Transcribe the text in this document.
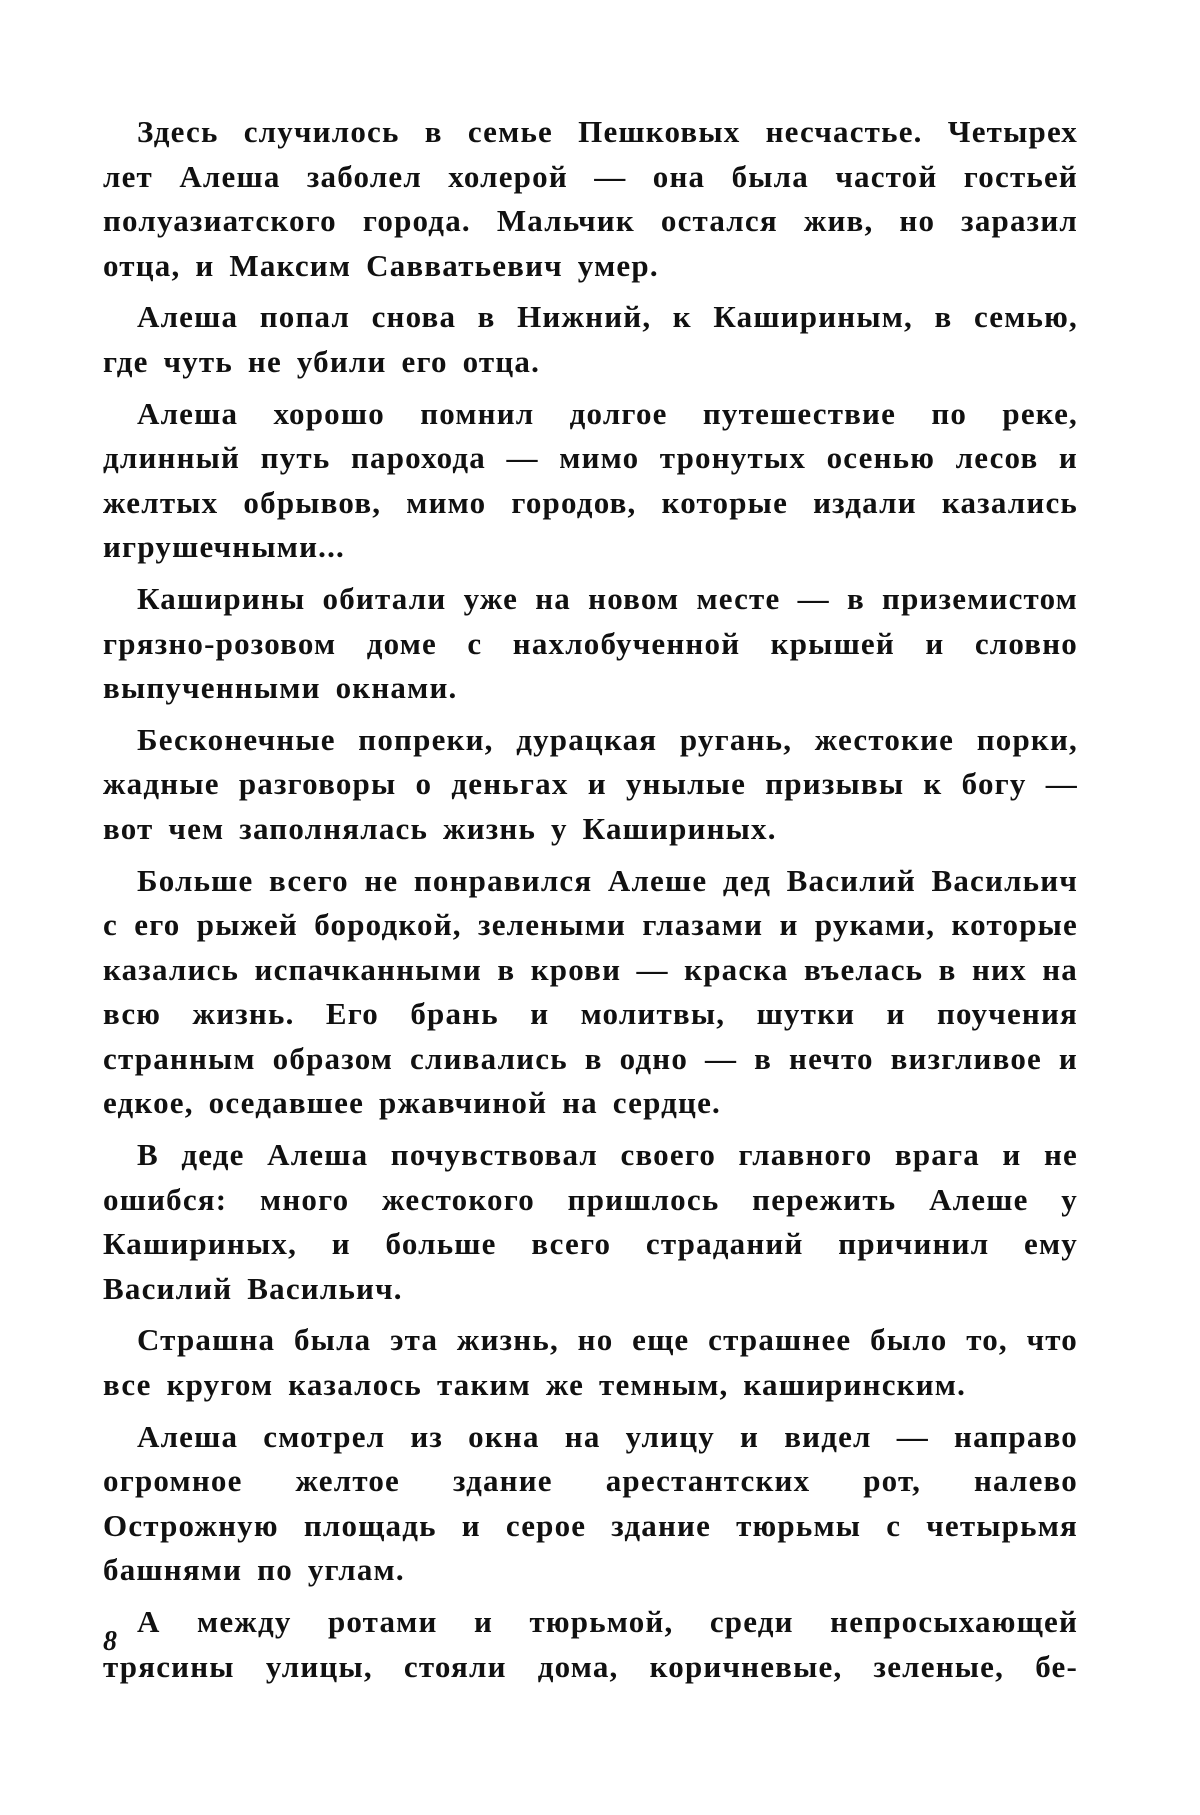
Здесь случилось в семье Пешковых несчастье. Четырех лет Алеша заболел холерой — она была частой гостьей полуазиатского города. Мальчик остался жив, но заразил отца, и Максим Савватьевич умер.

Алеша попал снова в Нижний, к Кашириным, в семью, где чуть не убили его отца.

Алеша хорошо помнил долгое путешествие по реке, длинный путь парохода — мимо тронутых осенью лесов и желтых обрывов, мимо городов, которые издали казались игрушечными...

Каширины обитали уже на новом месте — в приземистом грязно-розовом доме с нахлобученной крышей и словно выпученными окнами.

Бесконечные попреки, дурацкая ругань, жестокие порки, жадные разговоры о деньгах и унылые призывы к богу — вот чем заполнялась жизнь у Кашириных.

Больше всего не понравился Алеше дед Василий Васильич с его рыжей бородкой, зелеными глазами и руками, которые казались испачканными в крови — краска въелась в них на всю жизнь. Его брань и молитвы, шутки и поучения странным образом сливались в одно — в нечто визгливое и едкое, оседавшее ржавчиной на сердце.

В деде Алеша почувствовал своего главного врага и не ошибся: много жестокого пришлось пережить Алеше у Кашириных, и больше всего страданий причинил ему Василий Васильич.

Страшна была эта жизнь, но еще страшнее было то, что все кругом казалось таким же темным, каширинским.

Алеша смотрел из окна на улицу и видел — направо огромное желтое здание арестантских рот, налево Острожную площадь и серое здание тюрьмы с четырьмя башнями по углам.

А между ротами и тюрьмой, среди непросыхающей трясины улицы, стояли дома, коричневые, зеленые, бе-

8
